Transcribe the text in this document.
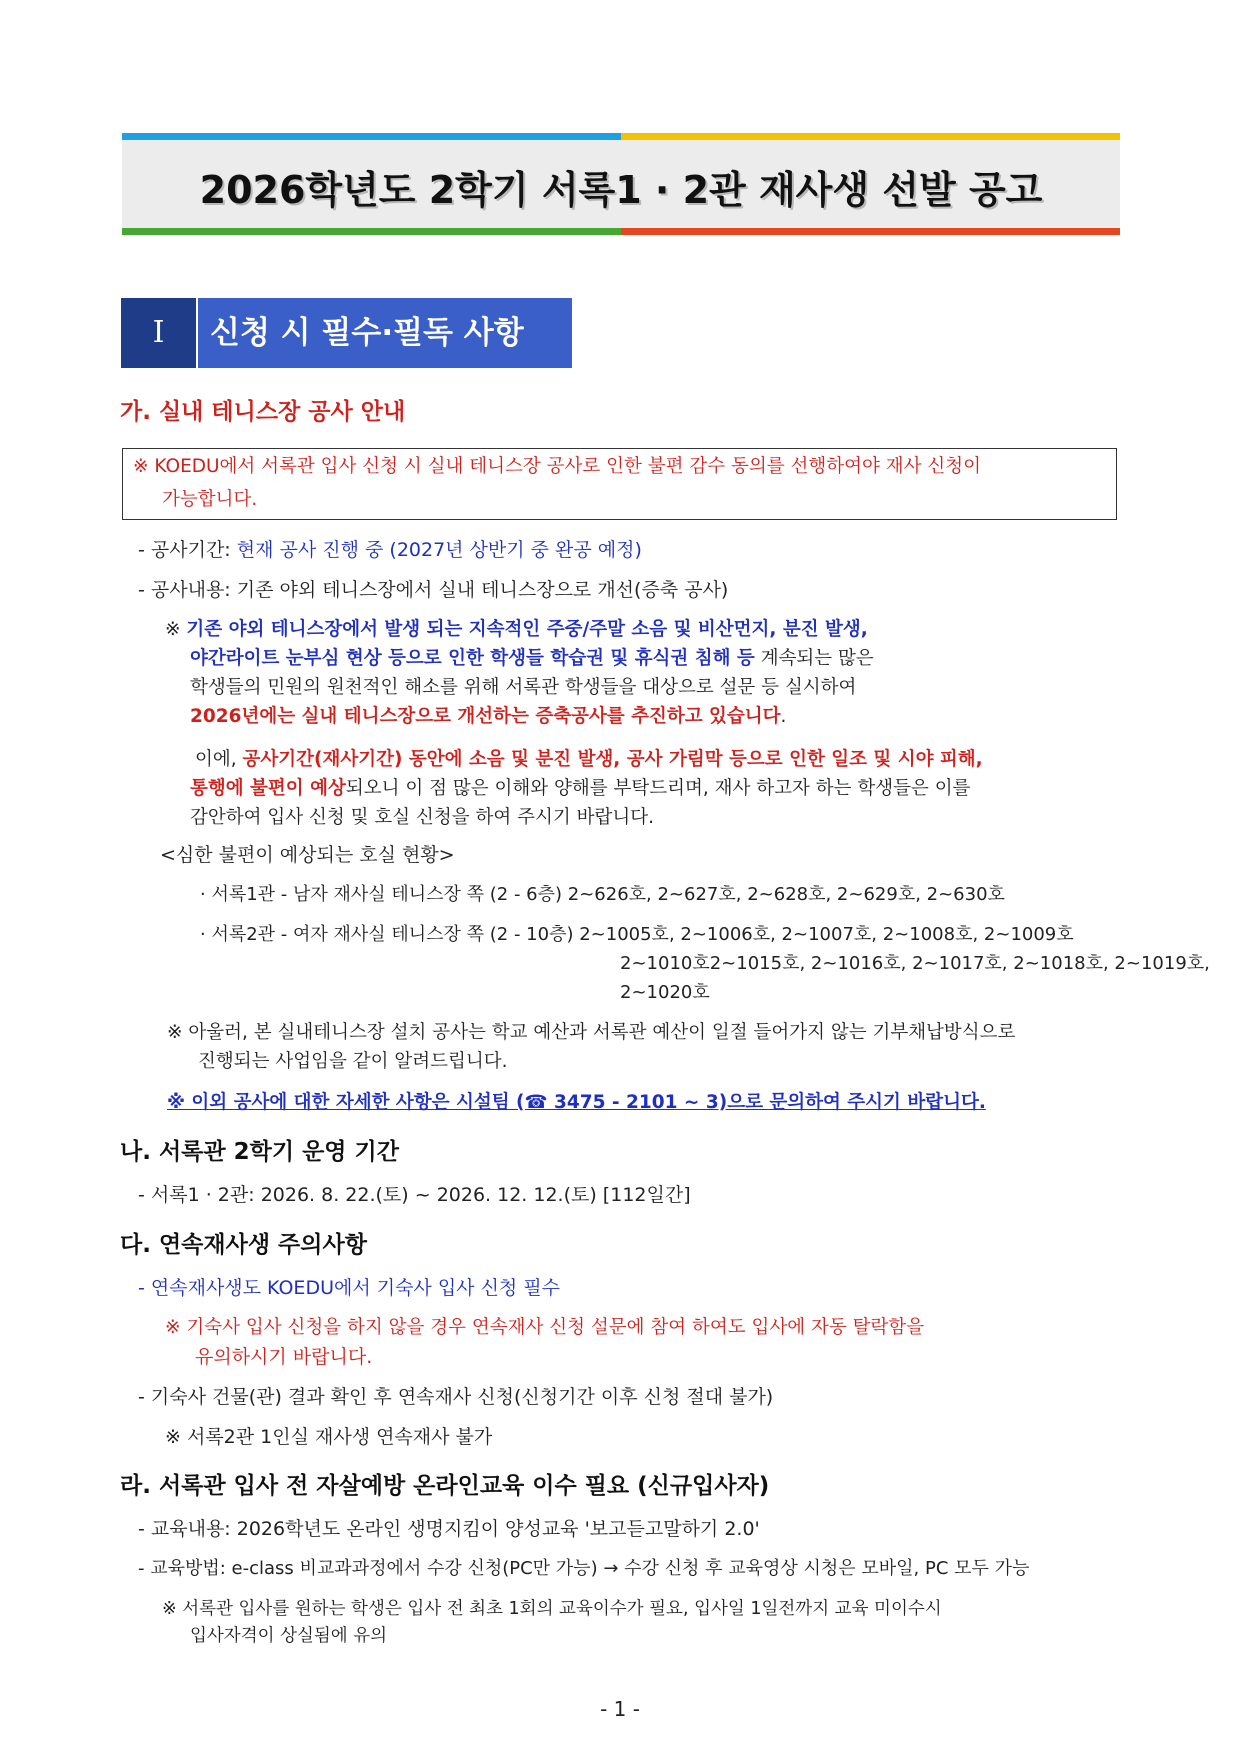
2026학년도 2학기 서록1 · 2관 재사생 선발 공고
I	신청 시 필수·필독 사항
가. 실내 테니스장 공사 안내
※ KOEDU에서 서록관 입사 신청 시 실내 테니스장 공사로 인한 불편 감수 동의를 선행하여야 재사 신청이
가능합니다.
- 공사기간: 현재 공사 진행 중 (2027년 상반기 중 완공 예정)
- 공사내용: 기존 야외 테니스장에서 실내 테니스장으로 개선(증축 공사)
※ 기존 야외 테니스장에서 발생 되는 지속적인 주중/주말 소음 및 비산먼지, 분진 발생,
야간라이트 눈부심 현상 등으로 인한 학생들 학습권 및 휴식권 침해 등 계속되는 많은
학생들의 민원의 원천적인 해소를 위해 서록관 학생들을 대상으로 설문 등 실시하여
2026년에는 실내 테니스장으로 개선하는 증축공사를 추진하고 있습니다.
이에, 공사기간(재사기간) 동안에 소음 및 분진 발생, 공사 가림막 등으로 인한 일조 및 시야 피해,
통행에 불편이 예상되오니 이 점 많은 이해와 양해를 부탁드리며, 재사 하고자 하는 학생들은 이를
감안하여 입사 신청 및 호실 신청을 하여 주시기 바랍니다.
<심한 불편이 예상되는 호실 현황>
· 서록1관 - 남자 재사실 테니스장 쪽 (2 - 6층) 2~626호, 2~627호, 2~628호, 2~629호, 2~630호
· 서록2관 - 여자 재사실 테니스장 쪽 (2 - 10층) 2~1005호, 2~1006호, 2~1007호, 2~1008호, 2~1009호
2~1010호2~1015호, 2~1016호, 2~1017호, 2~1018호, 2~1019호,
2~1020호
※ 아울러, 본 실내테니스장 설치 공사는 학교 예산과 서록관 예산이 일절 들어가지 않는 기부채납방식으로
진행되는 사업임을 같이 알려드립니다.
※ 이외 공사에 대한 자세한 사항은 시설팀 (☎ 3475 - 2101 ~ 3)으로 문의하여 주시기 바랍니다.
나. 서록관 2학기 운영 기간
- 서록1 · 2관: 2026. 8. 22.(토) ~ 2026. 12. 12.(토) [112일간]
다. 연속재사생 주의사항
- 연속재사생도 KOEDU에서 기숙사 입사 신청 필수
※ 기숙사 입사 신청을 하지 않을 경우 연속재사 신청 설문에 참여 하여도 입사에 자동 탈락함을
유의하시기 바랍니다.
- 기숙사 건물(관) 결과 확인 후 연속재사 신청(신청기간 이후 신청 절대 불가)
※ 서록2관 1인실 재사생 연속재사 불가
라. 서록관 입사 전 자살예방 온라인교육 이수 필요 (신규입사자)
- 교육내용: 2026학년도 온라인 생명지킴이 양성교육 '보고듣고말하기 2.0'
- 교육방법: e-class 비교과과정에서 수강 신청(PC만 가능) → 수강 신청 후 교육영상 시청은 모바일, PC 모두 가능
※ 서록관 입사를 원하는 학생은 입사 전 최초 1회의 교육이수가 필요, 입사일 1일전까지 교육 미이수시
입사자격이 상실됨에 유의
- 1 -
